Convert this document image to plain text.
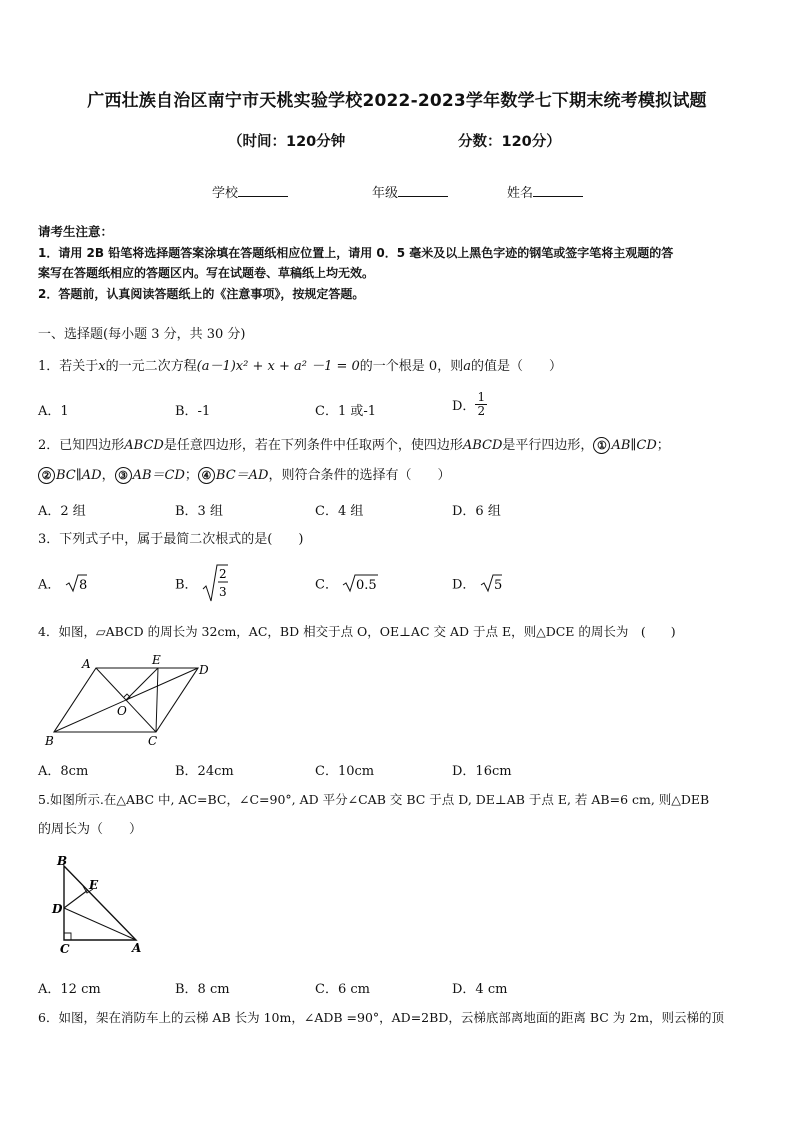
广西壮族自治区南宁市天桃实验学校2022-2023学年数学七下期末统考模拟试题
（时间：120分钟	分数：120分）
学校	年级	姓名
请考生注意：
1．请用 2B 铅笔将选择题答案涂填在答题纸相应位置上，请用 0．5 毫米及以上黑色字迹的钢笔或签字笔将主观题的答
案写在答题纸相应的答题区内。写在试题卷、草稿纸上均无效。
2．答题前，认真阅读答题纸上的《注意事项》，按规定答题。
一、选择题(每小题 3 分，共 30 分)
1．若关于x的一元二次方程(a－1)x² + x + a² －1 = 0的一个根是 0，则a的值是（　　）
A．1	B．-1	C．1 或-1	D． $\frac{1}{2}$
2．已知四边形ABCD是任意四边形，若在下列条件中任取两个，使四边形ABCD是平行四边形， ① AB∥CD；
② BC∥AD， ③ AB＝CD； ④ BC＝AD，则符合条件的选择有（　　）
A．2 组	B．3 组	C．4 组	D．6 组
3．下列式子中，属于最简二次根式的是(　　)
A． 8	B．
2
3	C． 0.5	D． 5
4．如图，▱ABCD 的周长为 32cm，AC，BD 相交于点 O，OE⊥AC 交 AD 于点 E，则△DCE 的周长为　(　　)
A	E
D
O
B	C
A．8cm	B．24cm	C．10cm	D．16cm
5.如图所示.在△ABC 中, AC=BC，∠C=90°, AD 平分∠CAB 交 BC 于点 D, DE⊥AB 于点 E, 若 AB=6 cm, 则△DEB
的周长为（　　）
B
E
D
C	A
A．12 cm	B．8 cm	C．6 cm	D．4 cm
6．如图，架在消防车上的云梯 AB 长为 10m，∠ADB =90°，AD=2BD，云梯底部离地面的距离 BC 为 2m，则云梯的顶
